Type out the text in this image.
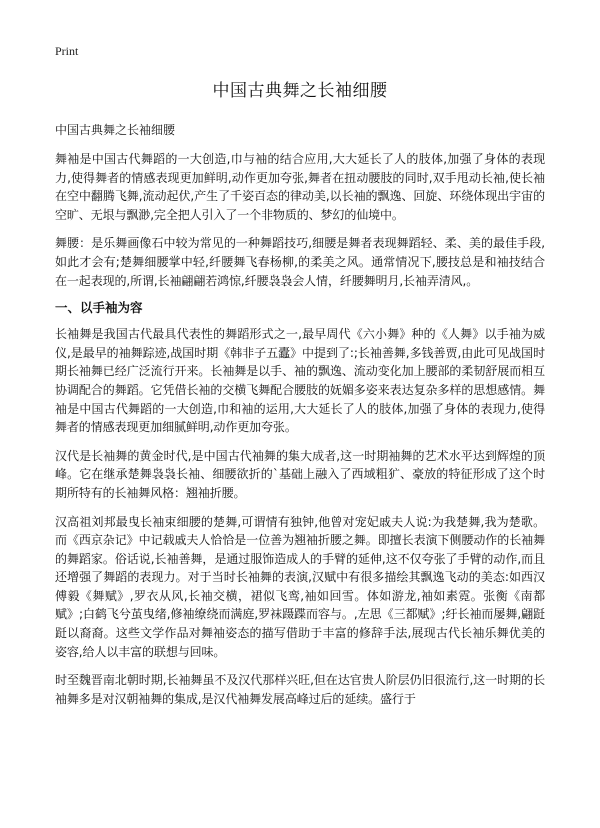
Print

中国古典舞之长袖细腰

中国古典舞之长袖细腰

舞袖是中国古代舞蹈的一大创造,巾与袖的结合应用,大大延长了人的肢体,加强了身体的表现力,使得舞者的情感表现更加鲜明,动作更加夸张,舞者在扭动腰肢的同时,双手甩动长袖,使长袖在空中翻腾飞舞,流动起伏,产生了千姿百态的律动美,以长袖的飘逸、回旋、环绕体现出宇宙的空旷、无垠与飘渺,完全把人引入了一个非物质的、梦幻的仙境中。

舞腰：是乐舞画像石中较为常见的一种舞蹈技巧,细腰是舞者表现舞蹈轻、柔、美的最佳手段,如此才会有;楚舞细腰掌中轻,纤腰舞飞春杨柳,的柔美之风。通常情况下,腰技总是和袖技结合在一起表现的,所谓,长袖翩翩若鸿惊,纤腰袅袅会人情，纤腰舞明月,长袖弄清风,。

一、以手袖为容

长袖舞是我国古代最具代表性的舞蹈形式之一,最早周代《六小舞》种的《人舞》以手袖为威仪,是最早的袖舞踪迹,战国时期《韩非子五蠹》中提到了:;长袖善舞,多钱善贾,由此可见战国时期长袖舞已经广泛流行开来。长袖舞是以手、袖的飘逸、流动变化加上腰部的柔韧舒展而相互协调配合的舞蹈。它凭借长袖的交横飞舞配合腰肢的妩媚多姿来表达复杂多样的思想感情。舞袖是中国古代舞蹈的一大创造,巾和袖的运用,大大延长了人的肢体,加强了身体的表现力,使得舞者的情感表现更加细腻鲜明,动作更加夸张。

汉代是长袖舞的黄金时代,是中国古代袖舞的集大成者,这一时期袖舞的艺术水平达到辉煌的顶峰。它在继承楚舞袅袅长袖、细腰欲折的`基础上融入了西域粗犷、豪放的特征形成了这个时期所特有的长袖舞风格：翘袖折腰。

汉高祖刘邦最曳长袖束细腰的楚舞,可谓情有独钟,他曾对宠妃戚夫人说:为我楚舞,我为楚歌。而《西京杂记》中记载戚夫人恰恰是一位善为翘袖折腰之舞。即擅长表演下侧腰动作的长袖舞的舞蹈家。俗话说,长袖善舞，是通过服饰造成人的手臂的延伸,这不仅夸张了手臂的动作,而且还增强了舞蹈的表现力。对于当时长袖舞的表演,汉赋中有很多描绘其飘逸飞动的美态:如西汉傅毅《舞赋》,罗衣从风,长袖交横，裙似飞鸾,袖如回雪。体如游龙,袖如素霓。张衡《南都赋》;白鹤飞兮茧曳绪,修袖缭绕而满庭,罗袜蹑蹀而容与。,左思《三都赋》;纡长袖而屡舞,翩跹跹以裔裔。这些文学作品对舞袖姿态的描写借助于丰富的修辞手法,展现古代长袖乐舞优美的姿容,给人以丰富的联想与回味。

时至魏晋南北朝时期,长袖舞虽不及汉代那样兴旺,但在达官贵人阶层仍旧很流行,这一时期的长袖舞多是对汉朝袖舞的集成,是汉代袖舞发展高峰过后的延续。盛行于
